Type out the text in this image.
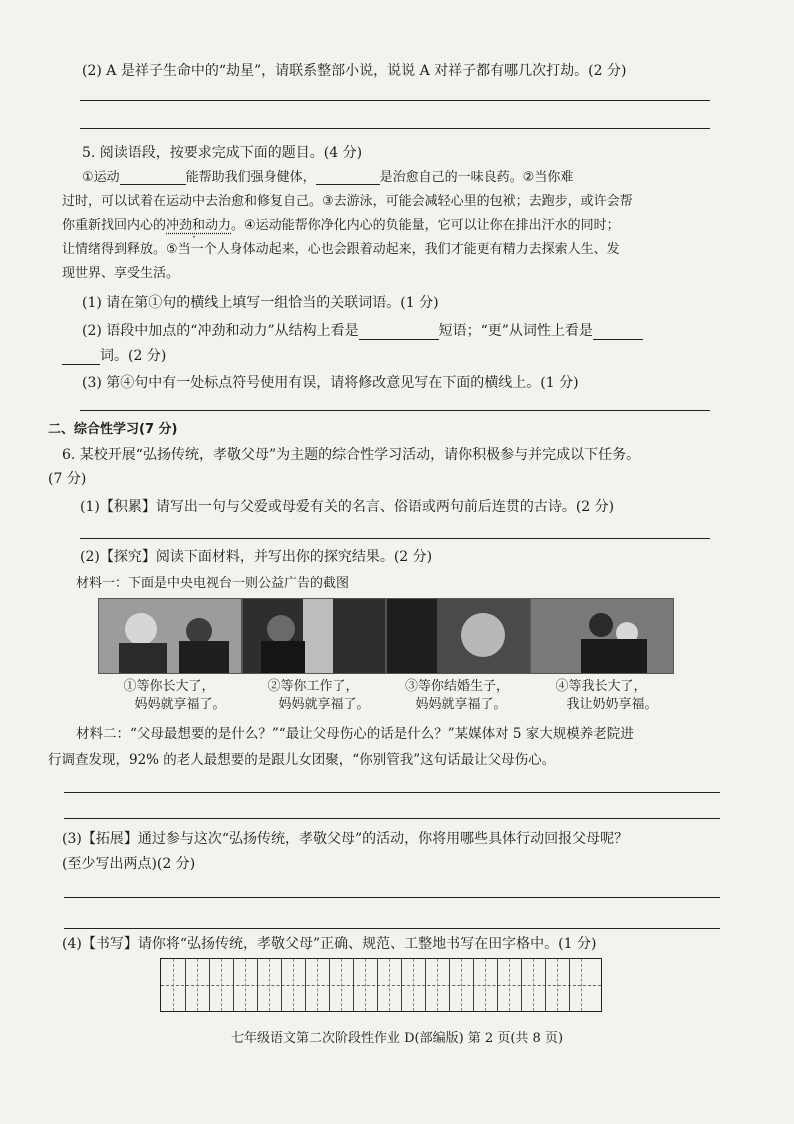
(2) A 是祥子生命中的“劫星”，请联系整部小说，说说 A 对祥子都有哪几次打劫。(2 分)
5. 阅读语段，按要求完成下面的题目。(4 分)
①运动	能帮助我们强身健体，	是治愈自己的一味良药。②当你难
过时，可以试着在运动中去治愈和修复自己。③去游泳，可能会减轻心里的包袱；去跑步，或许会帮
你重新找回内心的冲劲和动力 ·。④运动能帮你净化内心的负能量，它可以让你在排出汗水的同时；
让情绪得到释放。⑤当一个人身体动起来，心也会跟着动起来，我们才能更有精力去探索人生、发
现世界、享受生活。
(1) 请在第①句的横线上填写一组恰当的关联词语。(1 分)
(2) 语段中加点的“冲劲和动力”从结构上看是	短语；“更”从词性上看是
词。(2 分)
(3) 第④句中有一处标点符号使用有误，请将修改意见写在下面的横线上。(1 分)
二、综合性学习(7 分)
6. 某校开展“弘扬传统，孝敬父母”为主题的综合性学习活动，请你积极参与并完成以下任务。
(7 分)
(1)【积累】请写出一句与父爱或母爱有关的名言、俗语或两句前后连贯的古诗。(2 分)
(2)【探究】阅读下面材料，并写出你的探究结果。(2 分)
材料一：下面是中央电视台一则公益广告的截图
①等你长大了，
妈妈就享福了。
②等你工作了，
妈妈就享福了。
③等你结婚生子，
妈妈就享福了。
④等我长大了，
我让奶奶享福。
材料二：“父母最想要的是什么？”“最让父母伤心的话是什么？”某媒体对 5 家大规模养老院进
行调查发现，92% 的老人最想要的是跟儿女团聚，“你别管我”这句话最让父母伤心。
(3)【拓展】通过参与这次“弘扬传统，孝敬父母”的活动，你将用哪些具体行动回报父母呢？
(至少写出两点)(2 分)
(4)【书写】请你将“弘扬传统，孝敬父母”正确、规范、工整地书写在田字格中。(1 分)
七年级语文第二次阶段性作业 D(部编版) 第 2 页(共 8 页)
